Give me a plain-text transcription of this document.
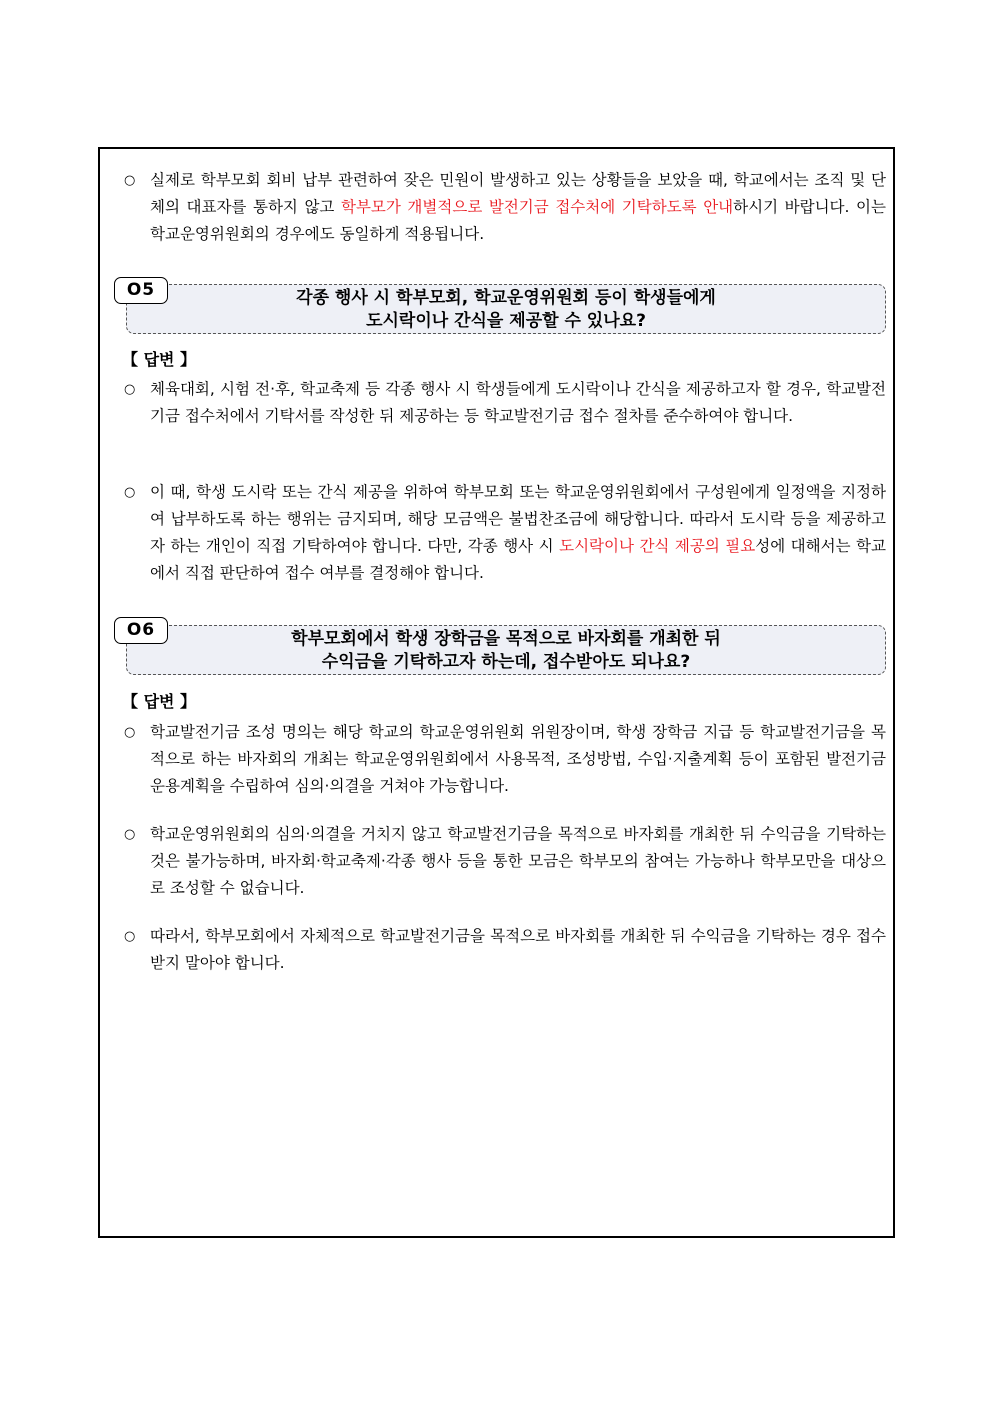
○ 실제로 학부모회 회비 납부 관련하여 잦은 민원이 발생하고 있는 상황들을 보았을 때, 학교에서는 조직 및 단체의 대표자를 통하지 않고 학부모가 개별적으로 발전기금 접수처에 기탁하도록 안내하시기 바랍니다. 이는 학교운영위원회의 경우에도 동일하게 적용됩니다.
O5	각종 행사 시 학부모회, 학교운영위원회 등이 학생들에게
도시락이나 간식을 제공할 수 있나요?
【 답변 】
○ 체육대회, 시험 전·후, 학교축제 등 각종 행사 시 학생들에게 도시락이나 간식을 제공하고자 할 경우, 학교발전기금 접수처에서 기탁서를 작성한 뒤 제공하는 등 학교발전기금 접수 절차를 준수하여야 합니다.
○ 이 때, 학생 도시락 또는 간식 제공을 위하여 학부모회 또는 학교운영위원회에서 구성원에게 일정액을 지정하여 납부하도록 하는 행위는 금지되며, 해당 모금액은 불법찬조금에 해당합니다. 따라서 도시락 등을 제공하고자 하는 개인이 직접 기탁하여야 합니다. 다만, 각종 행사 시 도시락이나 간식 제공의 필요성에 대해서는 학교에서 직접 판단하여 접수 여부를 결정해야 합니다.
O6	학부모회에서 학생 장학금을 목적으로 바자회를 개최한 뒤
수익금을 기탁하고자 하는데, 접수받아도 되나요?
【 답변 】
○ 학교발전기금 조성 명의는 해당 학교의 학교운영위원회 위원장이며, 학생 장학금 지급 등 학교발전기금을 목적으로 하는 바자회의 개최는 학교운영위원회에서 사용목적, 조성방법, 수입·지출계획 등이 포함된 발전기금 운용계획을 수립하여 심의·의결을 거쳐야 가능합니다.
○ 학교운영위원회의 심의·의결을 거치지 않고 학교발전기금을 목적으로 바자회를 개최한 뒤 수익금을 기탁하는 것은 불가능하며, 바자회·학교축제·각종 행사 등을 통한 모금은 학부모의 참여는 가능하나 학부모만을 대상으로 조성할 수 없습니다.
○ 따라서, 학부모회에서 자체적으로 학교발전기금을 목적으로 바자회를 개최한 뒤 수익금을 기탁하는 경우 접수 받지 말아야 합니다.
